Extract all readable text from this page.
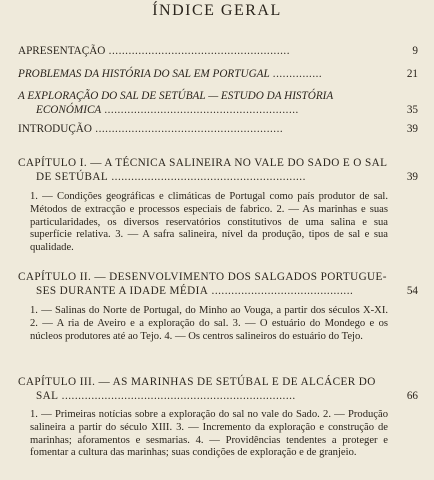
ÍNDICE GERAL
APRESENTAÇÃO .......................................................	9
PROBLEMAS DA HISTÓRIA DO SAL EM PORTUGAL ...............	21
A EXPLORAÇÃO DO SAL DE SETÚBAL — ESTUDO DA HISTÓRIA
ECONÓMICA ...........................................................	35
INTRODUÇÃO .........................................................	39
CAPÍTULO I. — A TÉCNICA SALINEIRA NO VALE DO SADO E O SAL
DE SETÚBAL ...........................................................	39
1. — Condições geográficas e climáticas de Portugal como país produtor de sal. Métodos de extracção e processos especiais de fabrico. 2. — As marinhas e suas particularidades, os diversos reservatórios constitutivos de uma salina e sua superfície relativa. 3. — A safra salineira, nível da produção, tipos de sal e sua qualidade.
CAPÍTULO II. — DESENVOLVIMENTO DOS SALGADOS PORTUGUE-
SES DURANTE A IDADE MÉDIA ...........................................	54
1. — Salinas do Norte de Portugal, do Minho ao Vouga, a partir dos séculos X-XI. 2. — A ria de Aveiro e a exploração do sal. 3. — O estuário do Mondego e os núcleos produtores até ao Tejo. 4. — Os centros salineiros do estuário do Tejo.
CAPÍTULO III. — AS MARINHAS DE SETÚBAL E DE ALCÁCER DO
SAL .......................................................................	66
1. — Primeiras notícias sobre a exploração do sal no vale do Sado. 2. — Produção salineira a partir do século XIII. 3. — Incremento da exploração e construção de marinhas; aforamentos e sesmarias. 4. — Providências tendentes a proteger e fomentar a cultura das marinhas; suas condições de exploração e de granjeio.
